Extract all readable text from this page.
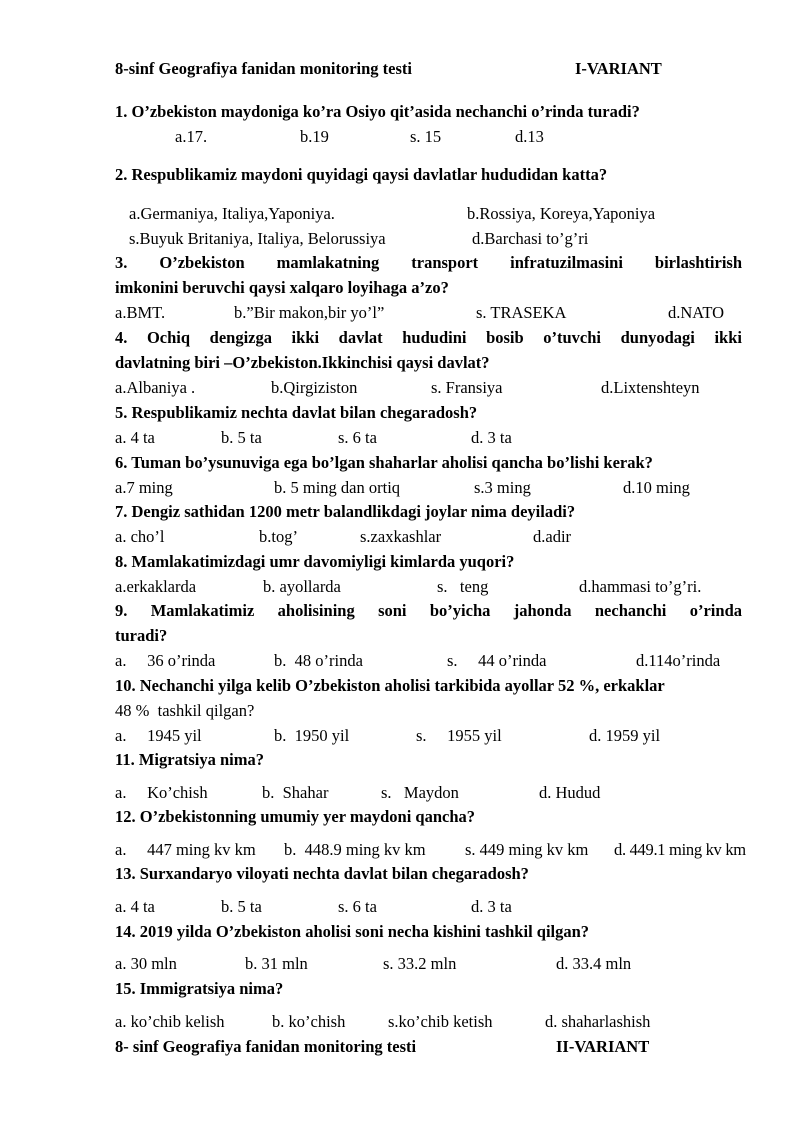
8-sinf Geografiya fanidan monitoring testi	I-VARIANT
1. O’zbekiston maydoniga ko’ra Osiyo qit’asida nechanchi o’rinda turadi?
a.17.	b.19	s. 15	d.13
2. Respublikamiz maydoni quyidagi qaysi davlatlar hududidan katta?
a.Germaniya, Italiya,Yaponiya.	b.Rossiya, Koreya,Yaponiya
s.Buyuk Britaniya, Italiya, Belorussiya	d.Barchasi to’g’ri
3. O’zbekiston mamlakatning transport infratuzilmasini birlashtirish
imkonini beruvchi qaysi xalqaro loyihaga a’zo?
a.BMT.	b.”Bir makon,bir yo’l”	s. TRASEKA	d.NATO
4. Ochiq dengizga ikki davlat hududini bosib o’tuvchi dunyodagi ikki
davlatning biri –O’zbekiston.Ikkinchisi qaysi davlat?
a.Albaniya .	b.Qirgiziston	s. Fransiya	d.Lixtenshteyn
5. Respublikamiz nechta davlat bilan chegaradosh?
a. 4 ta	b. 5 ta	s. 6 ta	d. 3 ta
6. Tuman bo’ysunuviga ega bo’lgan shaharlar aholisi qancha bo’lishi kerak?
a.7 ming	b. 5 ming dan ortiq	s.3 ming	d.10 ming
7. Dengiz sathidan 1200 metr balandlikdagi joylar nima deyiladi?
a. cho’l	b.tog’	s.zaxkashlar	d.adir
8. Mamlakatimizdagi umr davomiyligi kimlarda yuqori?
a.erkaklarda	b. ayollarda	s.   teng	d.hammasi to’g’ri.
9. Mamlakatimiz aholisining soni bo’yicha jahonda nechanchi o’rinda
turadi?
a.     36 o’rinda	b.  48 o’rinda	s.     44 o’rinda	d.114o’rinda
10. Nechanchi yilga kelib O’zbekiston aholisi tarkibida ayollar 52 %, erkaklar
48 %  tashkil qilgan?
a.     1945 yil	b.  1950 yil	s.     1955 yil	d. 1959 yil
11. Migratsiya nima?
a.     Ko’chish	b.  Shahar	s.   Maydon	d. Hudud
12. O’zbekistonning umumiy yer maydoni qancha?
a.     447 ming kv km b.  448.9 ming kv km s. 449 ming kv km d. 449.1 ming kv km
13. Surxandaryo viloyati nechta davlat bilan chegaradosh?
a. 4 ta	b. 5 ta	s. 6 ta	d. 3 ta
14. 2019 yilda O’zbekiston aholisi soni necha kishini tashkil qilgan?
a. 30 mln	b. 31 mln	s. 33.2 mln	d. 33.4 mln
15. Immigratsiya nima?
a. ko’chib kelish	b. ko’chish	s.ko’chib ketish	d. shaharlashish
8- sinf Geografiya fanidan monitoring testi	II-VARIANT
